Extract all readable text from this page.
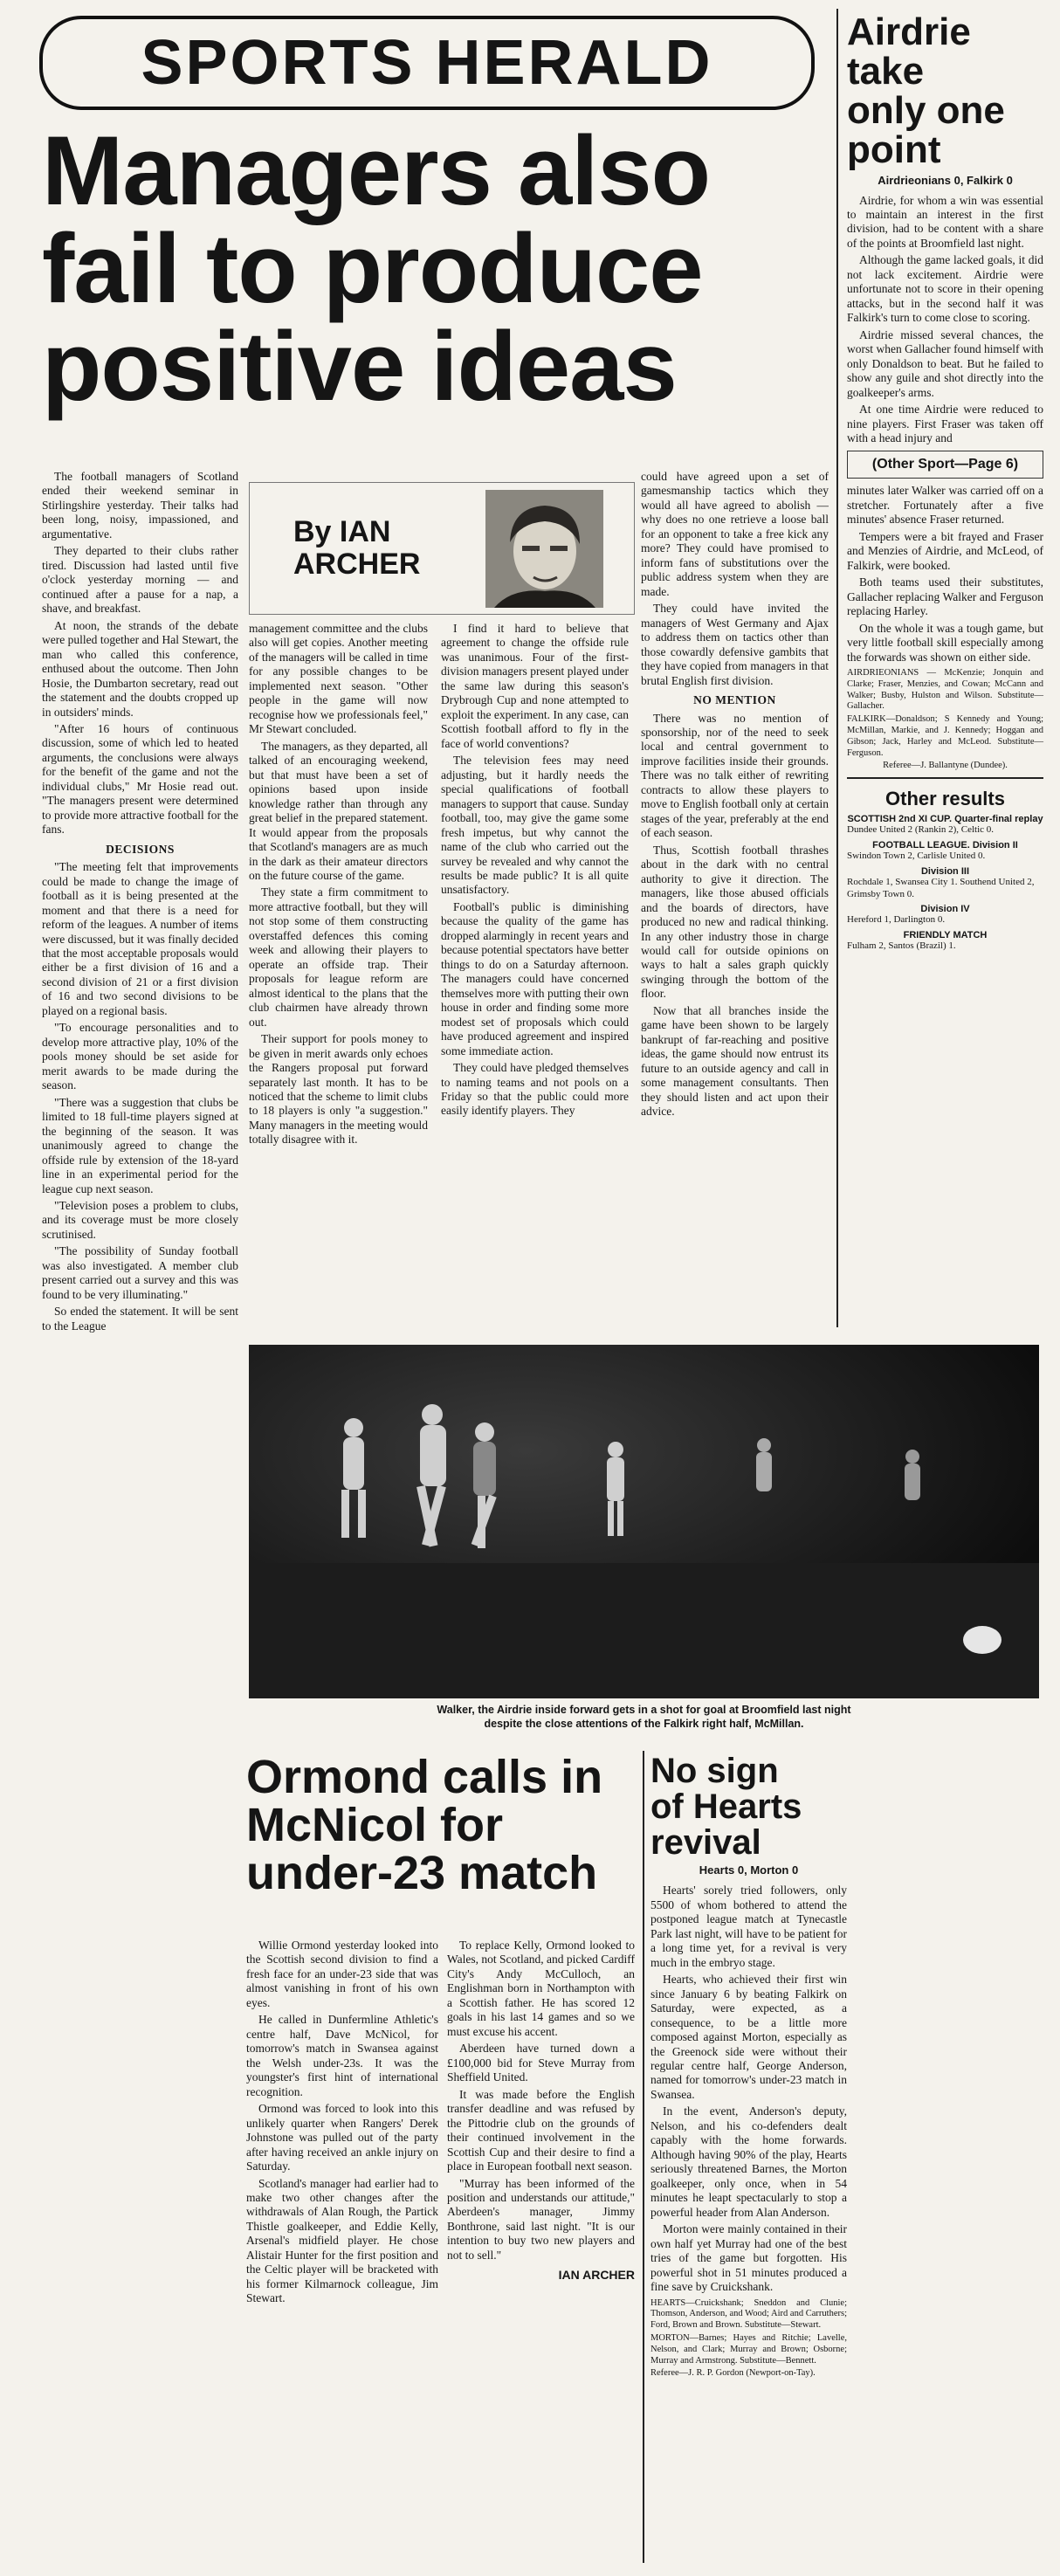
SPORTS HERALD
Managers also
fail to produce
positive ideas

The football managers of Scotland ended their weekend seminar in Stirlingshire yesterday. Their talks had been long, noisy, impassioned, and argumentative.

They departed to their clubs rather tired. Discussion had lasted until five o'clock yesterday morning — and continued after a pause for a nap, a shave, and breakfast.

At noon, the strands of the debate were pulled together and Hal Stewart, the man who called this conference, enthused about the outcome. Then John Hosie, the Dumbarton secretary, read out the statement and the doubts cropped up in outsiders' minds.

"After 16 hours of continuous discussion, some of which led to heated arguments, the conclusions were always for the benefit of the game and not the individual clubs," Mr Hosie read out. "The managers present were determined to provide more attractive football for the fans.

DECISIONS

"The meeting felt that improvements could be made to change the image of football as it is being presented at the moment and that there is a need for reform of the leagues. A number of items were discussed, but it was finally decided that the most acceptable proposals would either be a first division of 16 and a second division of 21 or a first division of 16 and two second divisions to be played on a regional basis.

"To encourage personalities and to develop more attractive play, 10% of the pools money should be set aside for merit awards to be made during the season.

"There was a suggestion that clubs be limited to 18 full-time players signed at the beginning of the season. It was unanimously agreed to change the offside rule by extension of the 18-yard line in an experimental period for the league cup next season.

"Television poses a problem to clubs, and its coverage must be more closely scrutinised.

"The possibility of Sunday football was also investigated. A member club present carried out a survey and this was found to be very illuminating."

So ended the statement. It will be sent to the League

By IAN
ARCHER

management committee and the clubs also will get copies. Another meeting of the managers will be called in time for any possible changes to be implemented next season. "Other people in the game will now recognise how we professionals feel," Mr Stewart concluded.

The managers, as they departed, all talked of an encouraging weekend, but that must have been a set of opinions based upon inside knowledge rather than through any great belief in the prepared statement. It would appear from the proposals that Scotland's managers are as much in the dark as their amateur directors on the future course of the game.

They state a firm commitment to more attractive football, but they will not stop some of them constructing overstaffed defences this coming week and allowing their players to operate an offside trap. Their proposals for league reform are almost identical to the plans that the club chairmen have already thrown out.

Their support for pools money to be given in merit awards only echoes the Rangers proposal put forward separately last month. It has to be noticed that the scheme to limit clubs to 18 players is only "a suggestion." Many managers in the meeting would totally disagree with it.

I find it hard to believe that agreement to change the offside rule was unanimous. Four of the first-division managers present played under the same law during this season's Drybrough Cup and none attempted to exploit the experiment. In any case, can Scottish football afford to fly in the face of world conventions?

The television fees may need adjusting, but it hardly needs the special qualifications of football managers to support that cause. Sunday football, too, may give the game some fresh impetus, but why cannot the name of the club who carried out the survey be revealed and why cannot the results be made public? It is all quite unsatisfactory.

Football's public is diminishing because the quality of the game has dropped alarmingly in recent years and because potential spectators have better things to do on a Saturday afternoon. The managers could have concerned themselves more with putting their own house in order and finding some more modest set of proposals which could have produced agreement and inspired some immediate action.

They could have pledged themselves to naming teams and not pools on a Friday so that the public could more easily identify players. They

could have agreed upon a set of gamesmanship tactics which they would all have agreed to abolish — why does no one retrieve a loose ball for an opponent to take a free kick any more? They could have promised to inform fans of substitutions over the public address system when they are made.

They could have invited the managers of West Germany and Ajax to address them on tactics other than those cowardly defensive gambits that they have copied from managers in that brutal English first division.

NO MENTION

There was no mention of sponsorship, nor of the need to seek local and central government to improve facilities inside their grounds. There was no talk either of rewriting contracts to allow these players to move to English football only at certain stages of the year, preferably at the end of each season.

Thus, Scottish football thrashes about in the dark with no central authority to give it direction. The managers, like those abused officials and the boards of directors, have produced no new and radical thinking. In any other industry those in charge would call for outside opinions on ways to halt a sales graph quickly swinging through the bottom of the floor.

Now that all branches inside the game have been shown to be largely bankrupt of far-reaching and positive ideas, the game should now entrust its future to an outside agency and call in some management consultants. Then they should listen and act upon their advice.

Airdrie
take
only one
point
Airdrieonians 0, Falkirk 0

Airdrie, for whom a win was essential to maintain an interest in the first division, had to be content with a share of the points at Broomfield last night.

Although the game lacked goals, it did not lack excitement. Airdrie were unfortunate not to score in their opening attacks, but in the second half it was Falkirk's turn to come close to scoring.

Airdrie missed several chances, the worst when Gallacher found himself with only Donaldson to beat. But he failed to show any guile and shot directly into the goalkeeper's arms.

At one time Airdrie were reduced to nine players. First Fraser was taken off with a head injury and

(Other Sport—Page 6)

minutes later Walker was carried off on a stretcher. Fortunately after a five minutes' absence Fraser returned.

Tempers were a bit frayed and Fraser and Menzies of Airdrie, and McLeod, of Falkirk, were booked.

Both teams used their substitutes, Gallacher replacing Walker and Ferguson replacing Harley.

On the whole it was a tough game, but very little football skill especially among the forwards was shown on either side.

AIRDRIEONIANS — McKenzie; Jonquin and Clarke; Fraser, Menzies, and Cowan; McCann and Walker; Busby, Hulston and Wilson. Substitute—Gallacher.

FALKIRK—Donaldson; S Kennedy and Young; McMillan, Markie, and J. Kennedy; Hoggan and Gibson; Jack, Harley and McLeod. Substitute—Ferguson.

Referee—J. Ballantyne (Dundee).

Other results
SCOTTISH 2nd XI CUP. Quarter-final replay
Dundee United 2 (Rankin 2), Celtic 0.
FOOTBALL LEAGUE. Division II
Swindon Town 2, Carlisle United 0.
Division III
Rochdale 1, Swansea City 1. Southend United 2, Grimsby Town 0.
Division IV
Hereford 1, Darlington 0.
FRIENDLY MATCH
Fulham 2, Santos (Brazil) 1.
Walker, the Airdrie inside forward gets in a shot for goal at Broomfield last night
despite the close attentions of the Falkirk right half, McMillan.
Ormond calls in
McNicol for
under-23 match

Willie Ormond yesterday looked into the Scottish second division to find a fresh face for an under-23 side that was almost vanishing in front of his own eyes.

He called in Dunfermline Athletic's centre half, Dave McNicol, for tomorrow's match in Swansea against the Welsh under-23s. It was the youngster's first hint of international recognition.

Ormond was forced to look into this unlikely quarter when Rangers' Derek Johnstone was pulled out of the party after having received an ankle injury on Saturday.

Scotland's manager had earlier had to make two other changes after the withdrawals of Alan Rough, the Partick Thistle goalkeeper, and Eddie Kelly, Arsenal's midfield player. He chose Alistair Hunter for the first position and the Celtic player will be bracketed with his former Kilmarnock colleague, Jim Stewart.

To replace Kelly, Ormond looked to Wales, not Scotland, and picked Cardiff City's Andy McCulloch, an Englishman born in Northampton with a Scottish father. He has scored 12 goals in his last 14 games and so we must excuse his accent.

Aberdeen have turned down a £100,000 bid for Steve Murray from Sheffield United.

It was made before the English transfer deadline and was refused by the Pittodrie club on the grounds of their continued involvement in the Scottish Cup and their desire to find a place in European football next season.

"Murray has been informed of the position and understands our attitude," Aberdeen's manager, Jimmy Bonthrone, said last night. "It is our intention to buy two new players and not to sell."

IAN ARCHER
No sign
of Hearts
revival
Hearts 0, Morton 0

Hearts' sorely tried followers, only 5500 of whom bothered to attend the postponed league match at Tynecastle Park last night, will have to be patient for a long time yet, for a revival is very much in the embryo stage.

Hearts, who achieved their first win since January 6 by beating Falkirk on Saturday, were expected, as a consequence, to be a little more composed against Morton, especially as the Greenock side were without their regular centre half, George Anderson, named for tomorrow's under-23 match in Swansea.

In the event, Anderson's deputy, Nelson, and his co-defenders dealt capably with the home forwards. Although having 90% of the play, Hearts seriously threatened Barnes, the Morton goalkeeper, only once, when in 54 minutes he leapt spectacularly to stop a powerful header from Alan Anderson.

Morton were mainly contained in their own half yet Murray had one of the best tries of the game but forgotten. His powerful shot in 51 minutes produced a fine save by Cruickshank.

HEARTS—Cruickshank; Sneddon and Clunie; Thomson, Anderson, and Wood; Aird and Carruthers; Ford, Brown and Brown. Substitute—Stewart.

MORTON—Barnes; Hayes and Ritchie; Lavelle, Nelson, and Clark; Murray and Brown; Osborne; Murray and Armstrong. Substitute—Bennett.

Referee—J. R. P. Gordon (Newport-on-Tay).
